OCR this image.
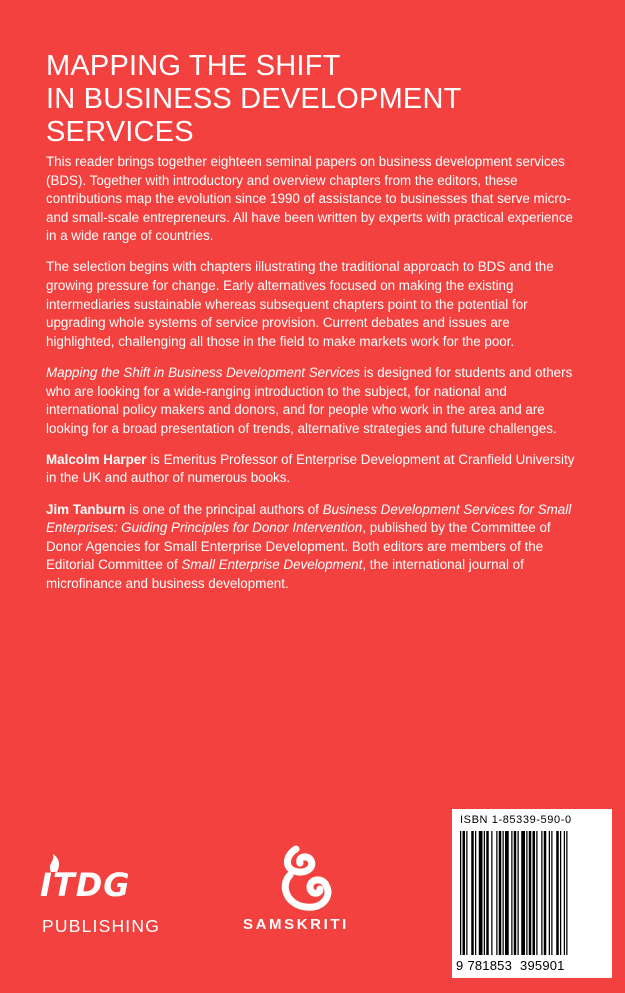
MAPPING THE SHIFT
IN BUSINESS DEVELOPMENT SERVICES

This reader brings together eighteen seminal papers on business development services (BDS). Together with introductory and overview chapters from the editors, these contributions map the evolution since 1990 of assistance to businesses that serve micro- and small-scale entrepreneurs. All have been written by experts with practical experience in a wide range of countries.

The selection begins with chapters illustrating the traditional approach to BDS and the growing pressure for change. Early alternatives focused on making the existing intermediaries sustainable whereas subsequent chapters point to the potential for upgrading whole systems of service provision. Current debates and issues are highlighted, challenging all those in the field to make markets work for the poor.

Mapping the Shift in Business Development Services is designed for students and others who are looking for a wide-ranging introduction to the subject, for national and international policy makers and donors, and for people who work in the area and are looking for a broad presentation of trends, alternative strategies and future challenges.

Malcolm Harper is Emeritus Professor of Enterprise Development at Cranfield University in the UK and author of numerous books.

Jim Tanburn is one of the principal authors of Business Development Services for Small Enterprises: Guiding Principles for Donor Intervention, published by the Committee of Donor Agencies for Small Enterprise Development. Both editors are members of the Editorial Committee of Small Enterprise Development, the international journal of microfinance and business development.

ITDG
PUBLISHING	SAMSKRITI
ISBN 1-85339-590-0
9 781853 395901
